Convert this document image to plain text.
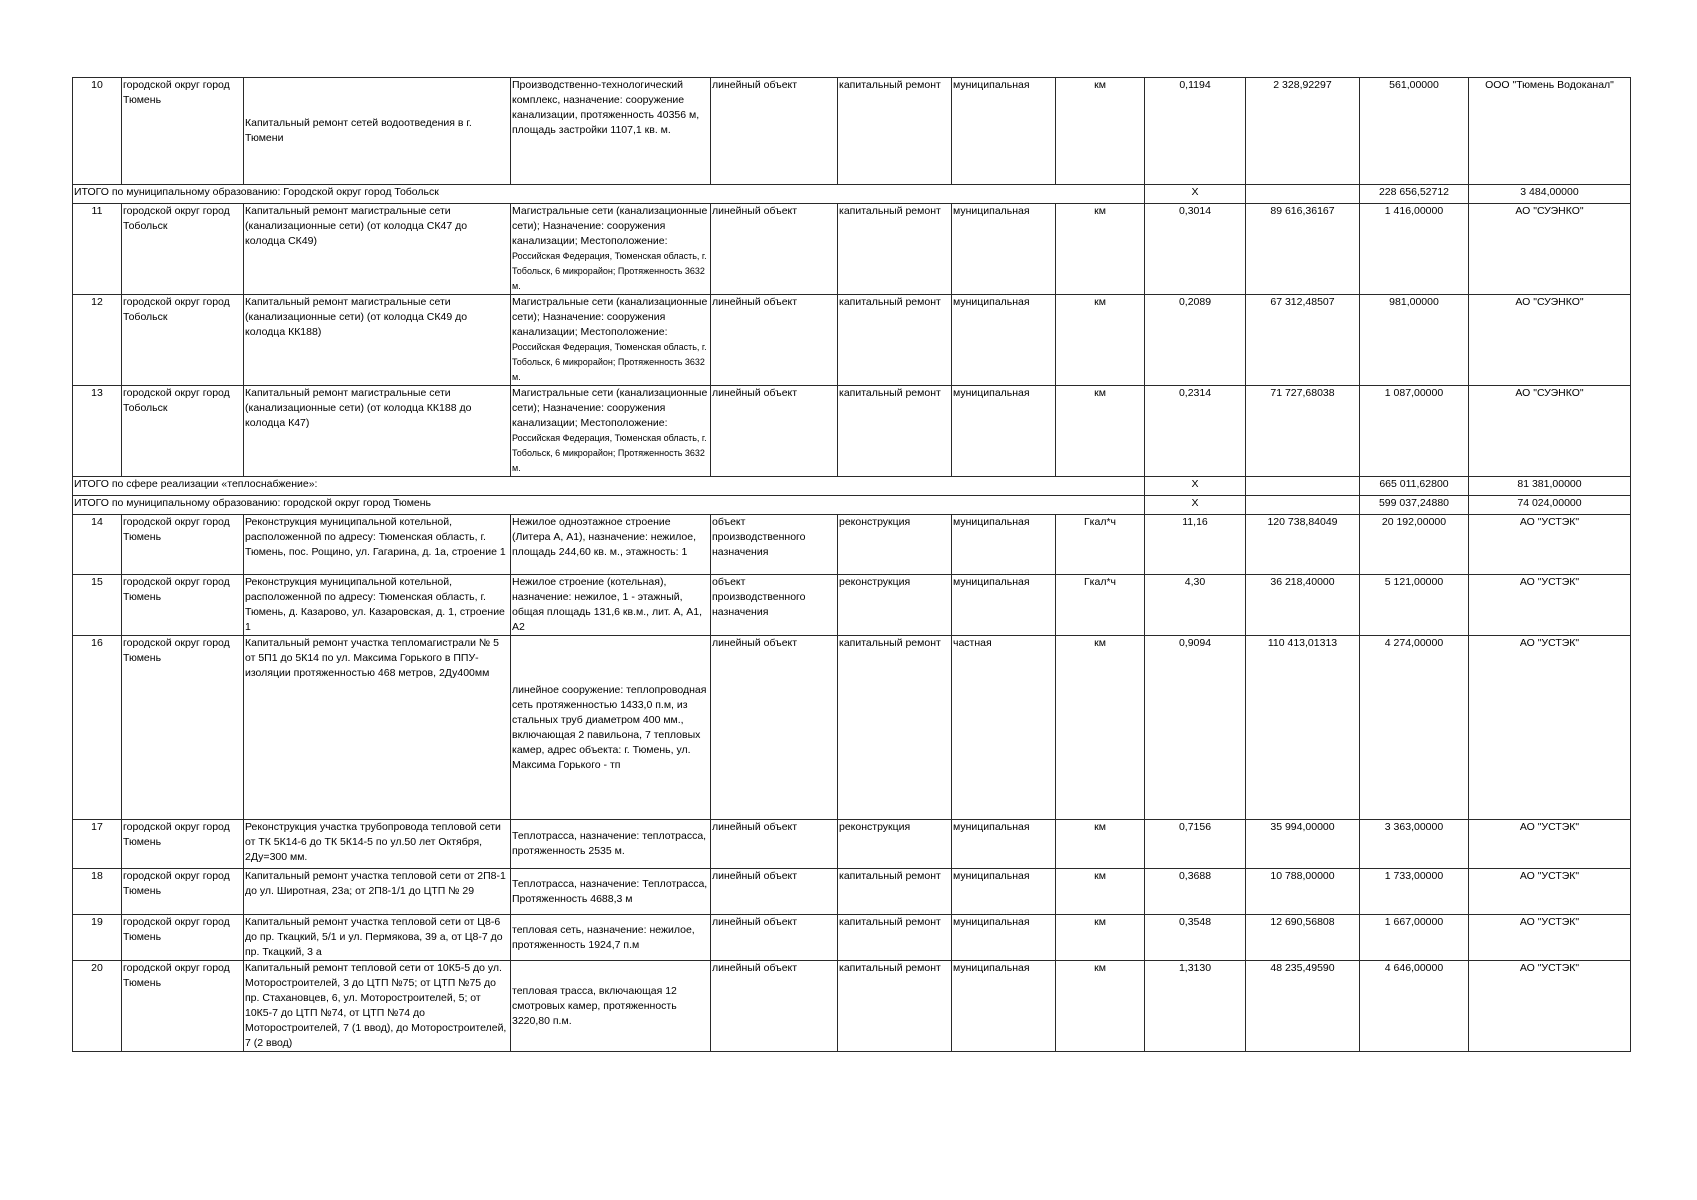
10	городской округ город Тюмень	Капитальный ремонт сетей водоотведения в г. Тюмени	Производственно-технологический комплекс, назначение: сооружение канализации, протяженность 40356 м, площадь застройки 1107,1 кв. м.	линейный объект	капитальный ремонт	муниципальная	км	0,1194	2 328,92297	561,00000	ООО "Тюмень Водоканал"	
ИТОГО по муниципальному образованию: Городской округ город Тобольск								Х		228 656,52712	3 484,00000	
11	городской округ город Тобольск	Капитальный ремонт магистральные сети (канализационные сети) (от колодца СК47 до колодца СК49)	Магистральные сети (канализационные сети); Назначение: сооружения канализации; Местоположение: Российская Федерация, Тюменская область, г. Тобольск, 6 микрорайон; Протяженность 3632 м.	линейный объект	капитальный ремонт	муниципальная	км	0,3014	89 616,36167	1 416,00000	АО "СУЭНКО"	
12	городской округ город Тобольск	Капитальный ремонт магистральные сети (канализационные сети) (от колодца СК49 до колодца КК188)	Магистральные сети (канализационные сети); Назначение: сооружения канализации; Местоположение: Российская Федерация, Тюменская область, г. Тобольск, 6 микрорайон; Протяженность 3632 м.	линейный объект	капитальный ремонт	муниципальная	км	0,2089	67 312,48507	981,00000	АО "СУЭНКО"	
13	городской округ город Тобольск	Капитальный ремонт магистральные сети (канализационные сети) (от колодца КК188 до колодца К47)	Магистральные сети (канализационные сети); Назначение: сооружения канализации; Местоположение: Российская Федерация, Тюменская область, г. Тобольск, 6 микрорайон; Протяженность 3632 м.	линейный объект	капитальный ремонт	муниципальная	км	0,2314	71 727,68038	1 087,00000	АО "СУЭНКО"	
ИТОГО по сфере реализации «теплоснабжение»:								Х		665 011,62800	81 381,00000	
ИТОГО по муниципальному образованию: городской округ город Тюмень								Х		599 037,24880	74 024,00000	
14	городской округ город Тюмень	Реконструкция муниципальной котельной, расположенной по адресу: Тюменская область, г. Тюмень, пос. Рощино, ул. Гагарина, д. 1а, строение 1	Нежилое одноэтажное строение (Литера А, А1), назначение: нежилое, площадь 244,60 кв. м., этажность: 1	объект производственного назначения	реконструкция	муниципальная	Гкал*ч	11,16	120 738,84049	20 192,00000	АО "УСТЭК"	
15	городской округ город Тюмень	Реконструкция муниципальной котельной, расположенной по адресу: Тюменская область, г. Тюмень, д. Казарово, ул. Казаровская, д. 1, строение 1	Нежилое строение (котельная), назначение: нежилое, 1 - этажный, общая площадь 131,6 кв.м., лит. А, А1, А2	объект производственного назначения	реконструкция	муниципальная	Гкал*ч	4,30	36 218,40000	5 121,00000	АО "УСТЭК"	
16	городской округ город Тюмень	Капитальный ремонт участка тепломагистрали № 5 от 5П1 до 5К14 по ул. Максима Горького в ППУ-изоляции протяженностью 468 метров, 2Ду400мм	линейное сооружение: теплопроводная сеть протяженностью 1433,0 п.м, из стальных труб диаметром 400 мм., включающая 2 павильона, 7 тепловых камер, адрес объекта: г. Тюмень, ул. Максима Горького - тп	линейный объект	капитальный ремонт	частная	км	0,9094	110 413,01313	4 274,00000	АО "УСТЭК"	
17	городской округ город Тюмень	Реконструкция участка трубопровода тепловой сети от ТК 5К14-6 до ТК 5К14-5 по ул.50 лет Октября, 2Ду=300 мм.	Теплотрасса, назначение: теплотрасса, протяженность 2535 м.	линейный объект	реконструкция	муниципальная	км	0,7156	35 994,00000	3 363,00000	АО "УСТЭК"	
18	городской округ город Тюмень	Капитальный ремонт участка тепловой сети от 2П8-1 до ул. Широтная, 23а; от 2П8-1/1 до ЦТП № 29	Теплотрасса, назначение: Теплотрасса, Протяженность 4688,3 м	линейный объект	капитальный ремонт	муниципальная	км	0,3688	10 788,00000	1 733,00000	АО "УСТЭК"	
19	городской округ город Тюмень	Капитальный ремонт участка тепловой сети от Ц8-6 до пр. Ткацкий, 5/1 и ул. Пермякова, 39 а, от Ц8-7 до пр. Ткацкий, 3 а	тепловая сеть, назначение: нежилое, протяженность 1924,7 п.м	линейный объект	капитальный ремонт	муниципальная	км	0,3548	12 690,56808	1 667,00000	АО "УСТЭК"	
20	городской округ город Тюмень	Капитальный ремонт тепловой сети от 10К5-5 до ул. Моторостроителей, 3 до ЦТП №75; от ЦТП №75 до пр. Стахановцев, 6, ул. Моторостроителей, 5; от 10К5-7 до ЦТП №74, от ЦТП №74 до Моторостроителей, 7 (1 ввод), до Моторостроителей, 7 (2 ввод)	тепловая трасса, включающая 12 смотровых камер, протяженность 3220,80 п.м.	линейный объект	капитальный ремонт	муниципальная	км	1,3130	48 235,49590	4 646,00000	АО "УСТЭК"	
